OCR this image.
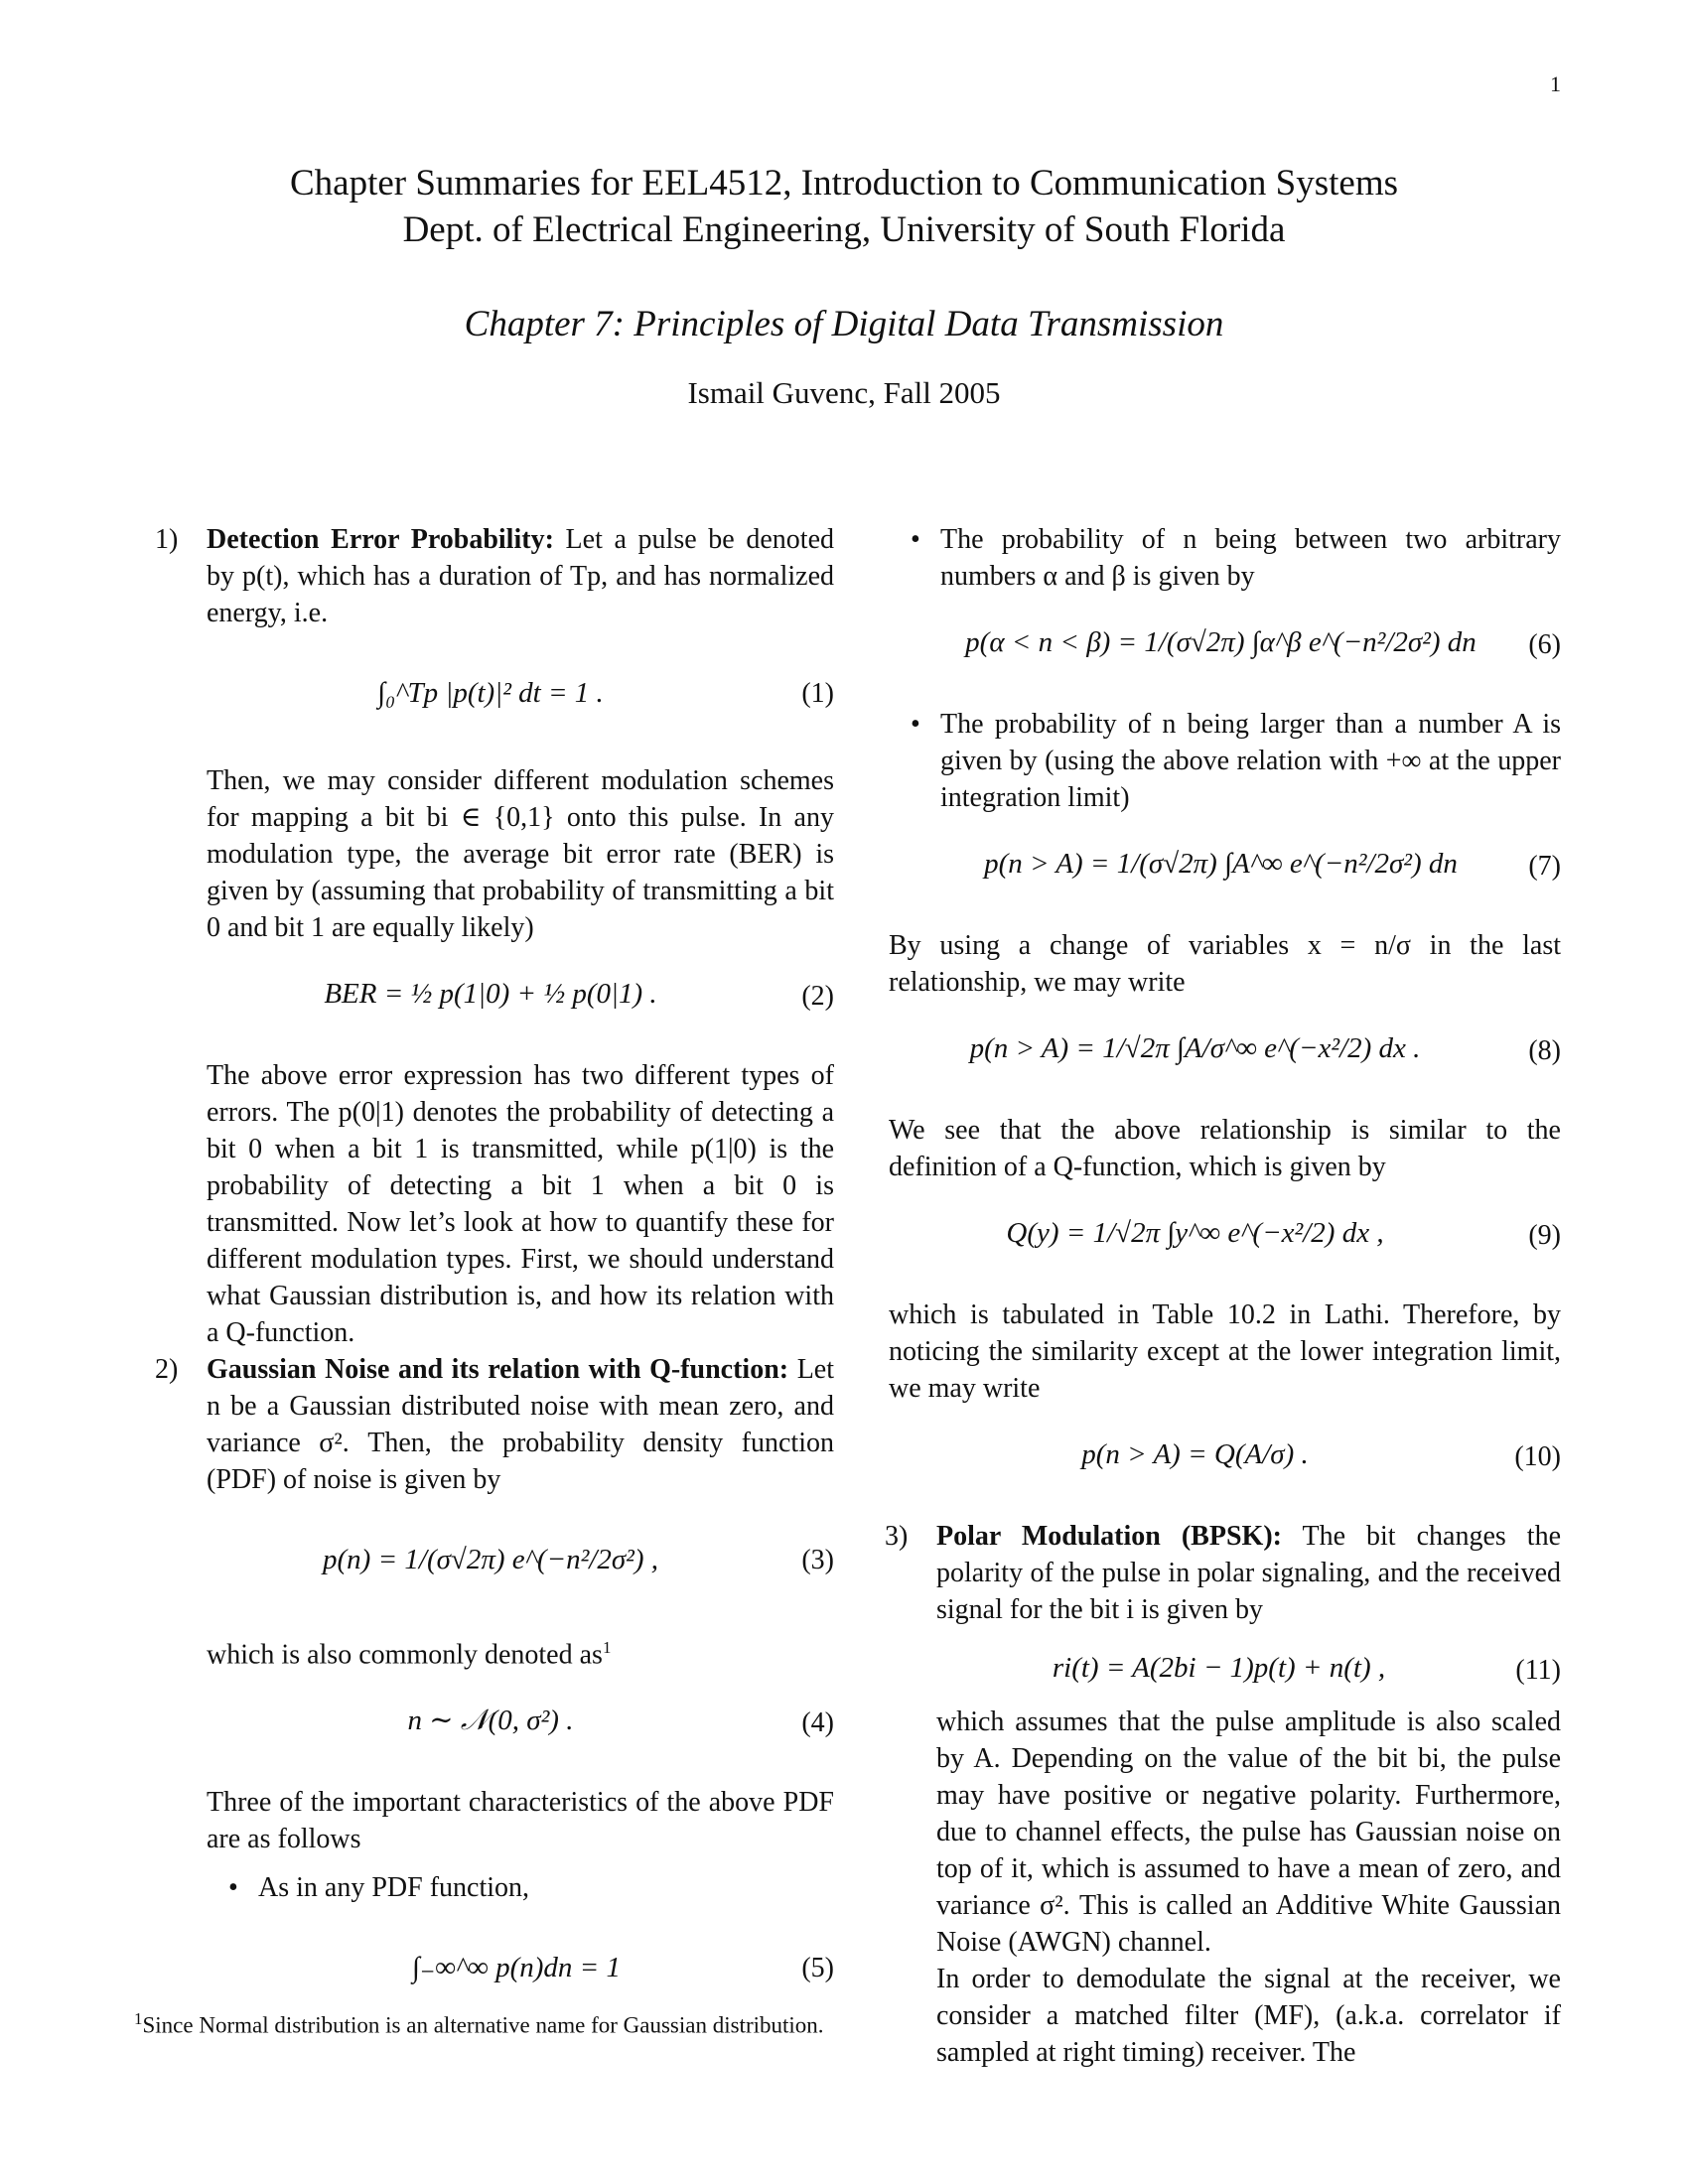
1
Chapter Summaries for EEL4512, Introduction to Communication Systems
Dept. of Electrical Engineering, University of South Florida
Chapter 7: Principles of Digital Data Transmission
Ismail Guvenc, Fall 2005
1) Detection Error Probability: Let a pulse be denoted by p(t), which has a duration of Tp, and has normalized energy, i.e.

∫₀^Tp |p(t)|² dt = 1 .	(1)

Then, we may consider different modulation schemes for mapping a bit bi ∈ {0,1} onto this pulse. In any modulation type, the average bit error rate (BER) is given by (assuming that probability of transmitting a bit 0 and bit 1 are equally likely)

BER = ½ p(1|0) + ½ p(0|1) .	(2)

The above error expression has two different types of errors. The p(0|1) denotes the probability of detecting a bit 0 when a bit 1 is transmitted, while p(1|0) is the probability of detecting a bit 1 when a bit 0 is transmitted. Now let’s look at how to quantify these for different modulation types. First, we should understand what Gaussian distribution is, and how its relation with a Q-function.

2) Gaussian Noise and its relation with Q-function: Let n be a Gaussian distributed noise with mean zero, and variance σ². Then, the probability density function (PDF) of noise is given by

p(n) = 1/(σ√2π) e^(−n²/2σ²) ,	(3)

which is also commonly denoted $as^1$

n ∼ 𝒩(0, σ²) .	(4)

Three of the important characteristics of the above PDF are as follows

• As in any PDF function,

∫₋∞^∞ p(n)dn = 1	(5)
$^1$Since Normal distribution is an alternative name for Gaussian distribution.
• The probability of n being between two arbitrary numbers α and β is given by

p(α < n < β) = 1/(σ√2π) ∫α^β e^(−n²/2σ²) dn	(6)
• The probability of n being larger than a number A is given by (using the above relation with +∞ at the upper integration limit)

p(n > A) = 1/(σ√2π) ∫A^∞ e^(−n²/2σ²) dn	(7)

By using a change of variables x = n/σ in the last relationship, we may write

p(n > A) = 1/√2π ∫A/σ^∞ e^(−x²/2) dx .	(8)

We see that the above relationship is similar to the definition of a Q-function, which is given by

Q(y) = 1/√2π ∫y^∞ e^(−x²/2) dx ,	(9)

which is tabulated in Table 10.2 in Lathi. Therefore, by noticing the similarity except at the lower integration limit, we may write

p(n > A) = Q(A/σ) .	(10)
3) Polar Modulation (BPSK): The bit changes the polarity of the pulse in polar signaling, and the received signal for the bit i is given by

ri(t) = A(2bi − 1)p(t) + n(t) ,	(11)

which assumes that the pulse amplitude is also scaled by A. Depending on the value of the bit bi, the pulse may have positive or negative polarity. Furthermore, due to channel effects, the pulse has Gaussian noise on top of it, which is assumed to have a mean of zero, and variance σ². This is called an Additive White Gaussian Noise (AWGN) channel.

In order to demodulate the signal at the receiver, we consider a matched filter (MF), (a.k.a. correlator if sampled at right timing) receiver. The
